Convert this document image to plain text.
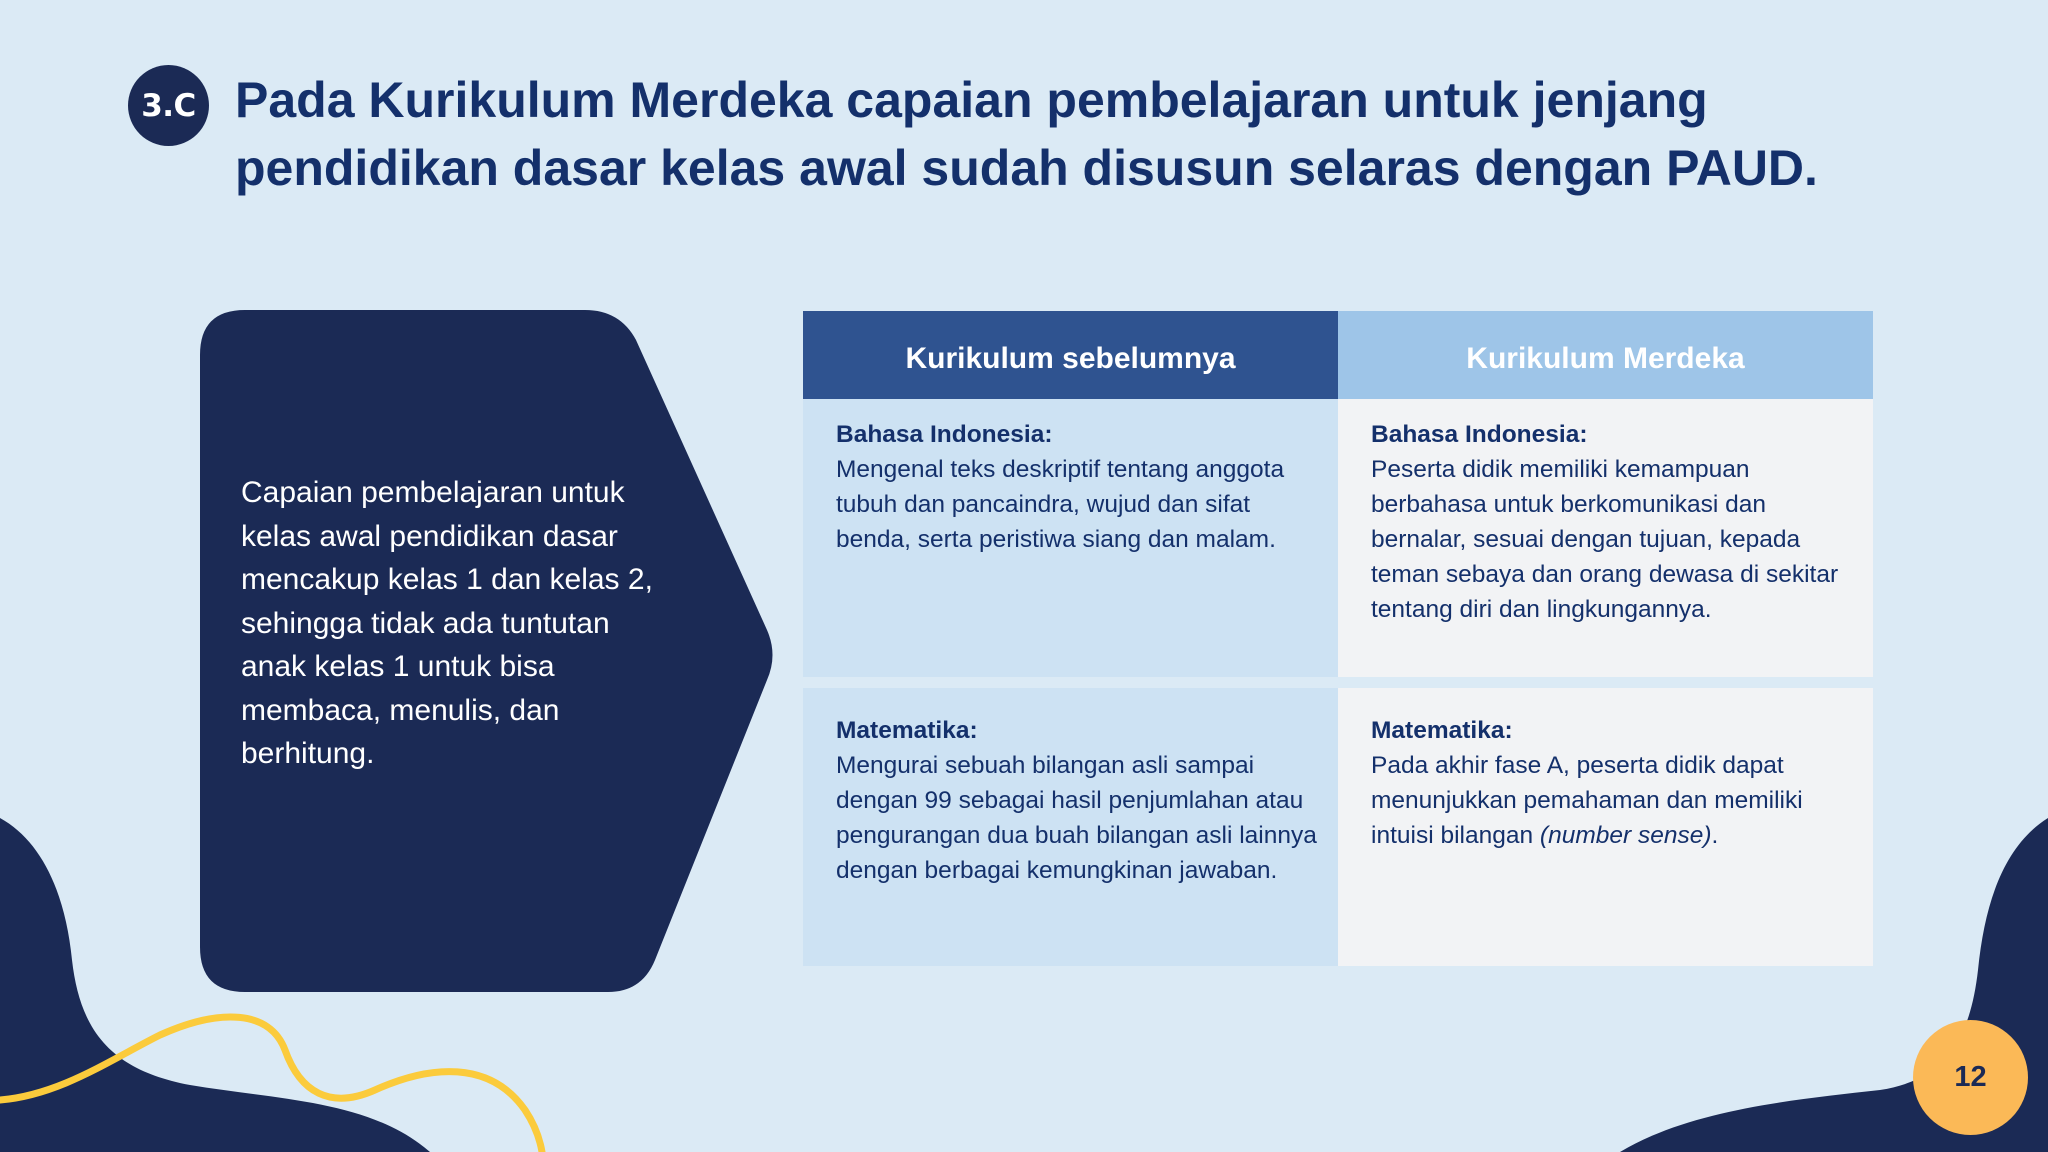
3.C Pada Kurikulum Merdeka capaian pembelajaran untuk jenjang
pendidikan dasar kelas awal sudah disusun selaras dengan PAUD.

Capaian pembelajaran untuk
kelas awal pendidikan dasar
mencakup kelas 1 dan kelas 2,
sehingga tidak ada tuntutan
anak kelas 1 untuk bisa
membaca, menulis, dan
berhitung.

Kurikulum sebelumnya	Kurikulum Merdeka

Bahasa Indonesia:

Mengenal teks deskriptif tentang anggota tubuh dan pancaindra, wujud dan sifat benda, serta peristiwa siang dan malam.

Bahasa Indonesia:

Peserta didik memiliki kemampuan berbahasa untuk berkomunikasi dan bernalar, sesuai dengan tujuan, kepada teman sebaya dan orang dewasa di sekitar tentang diri dan lingkungannya.

Matematika:

Mengurai sebuah bilangan asli sampai dengan 99 sebagai hasil penjumlahan atau pengurangan dua buah bilangan asli lainnya dengan berbagai kemungkinan jawaban.

Matematika:

Pada akhir fase A, peserta didik dapat menunjukkan pemahaman dan memiliki intuisi bilangan (number sense).

12
